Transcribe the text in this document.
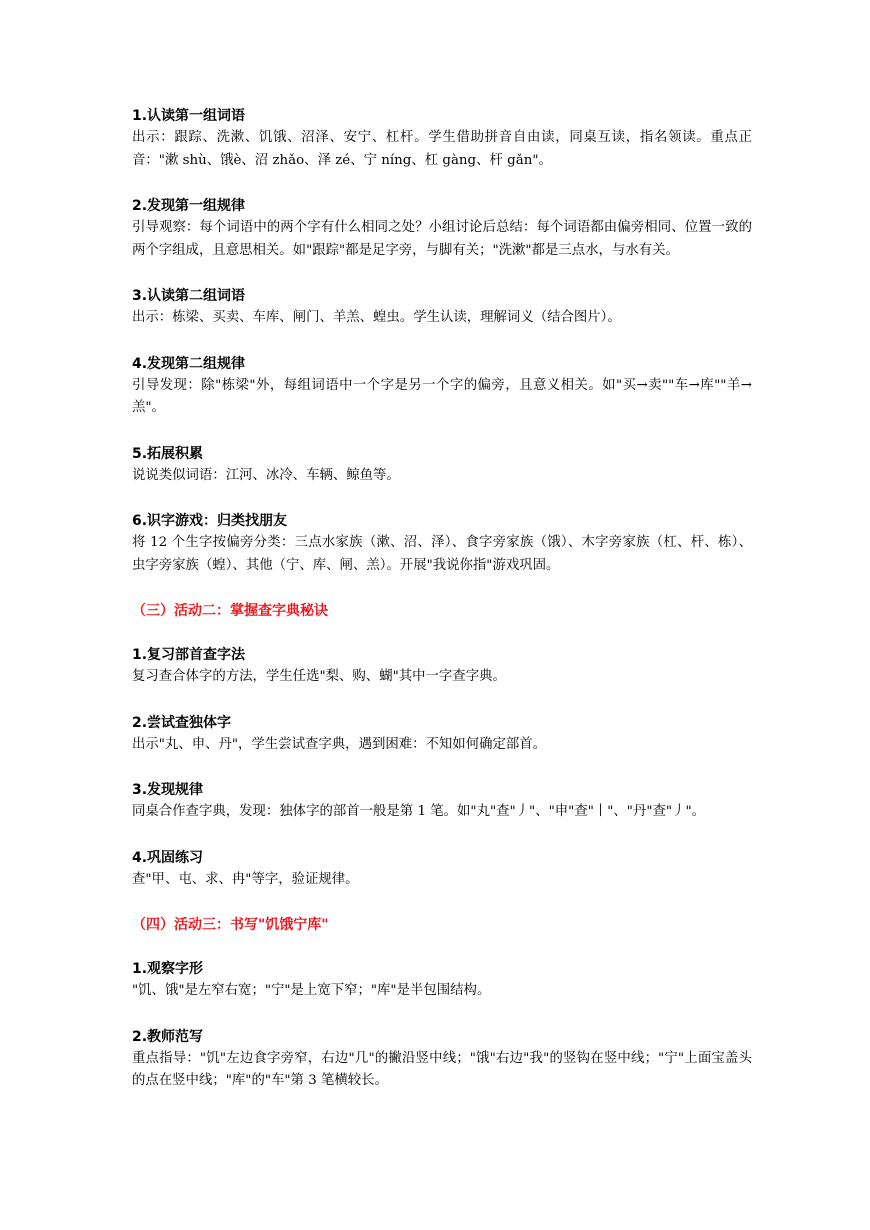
1.认读第一组词语
出示：跟踪、洗漱、饥饿、沼泽、安宁、杠杆。学生借助拼音自由读，同桌互读，指名领读。重点正音："漱 shù、饿è、沼 zhǎo、泽 zé、宁 níng、杠 gàng、杆 gǎn"。
2.发现第一组规律
引导观察：每个词语中的两个字有什么相同之处？小组讨论后总结：每个词语都由偏旁相同、位置一致的两个字组成，且意思相关。如"跟踪"都是足字旁，与脚有关；"洗漱"都是三点水，与水有关。
3.认读第二组词语
出示：栋梁、买卖、车库、闸门、羊羔、蝗虫。学生认读，理解词义（结合图片）。
4.发现第二组规律
引导发现：除"栋梁"外，每组词语中一个字是另一个字的偏旁，且意义相关。如"买→卖""车→库""羊→羔"。
5.拓展积累
说说类似词语：江河、冰冷、车辆、鲸鱼等。
6.识字游戏：归类找朋友
将 12 个生字按偏旁分类：三点水家族（漱、沼、泽）、食字旁家族（饿）、木字旁家族（杠、杆、栋）、虫字旁家族（蝗）、其他（宁、库、闸、羔）。开展"我说你指"游戏巩固。
（三）活动二：掌握查字典秘诀
1.复习部首查字法
复习查合体字的方法，学生任选"梨、购、蝴"其中一字查字典。
2.尝试查独体字
出示"丸、申、丹"，学生尝试查字典，遇到困难：不知如何确定部首。
3.发现规律
同桌合作查字典，发现：独体字的部首一般是第 1 笔。如"丸"查"丿"、"申"查"丨"、"丹"查"丿"。
4.巩固练习
查"甲、屯、求、冉"等字，验证规律。
（四）活动三：书写"饥饿宁库"
1.观察字形
"饥、饿"是左窄右宽；"宁"是上宽下窄；"库"是半包围结构。
2.教师范写
重点指导："饥"左边食字旁窄，右边"几"的撇沿竖中线；"饿"右边"我"的竖钩在竖中线；"宁"上面宝盖头的点在竖中线；"库"的"车"第 3 笔横较长。
